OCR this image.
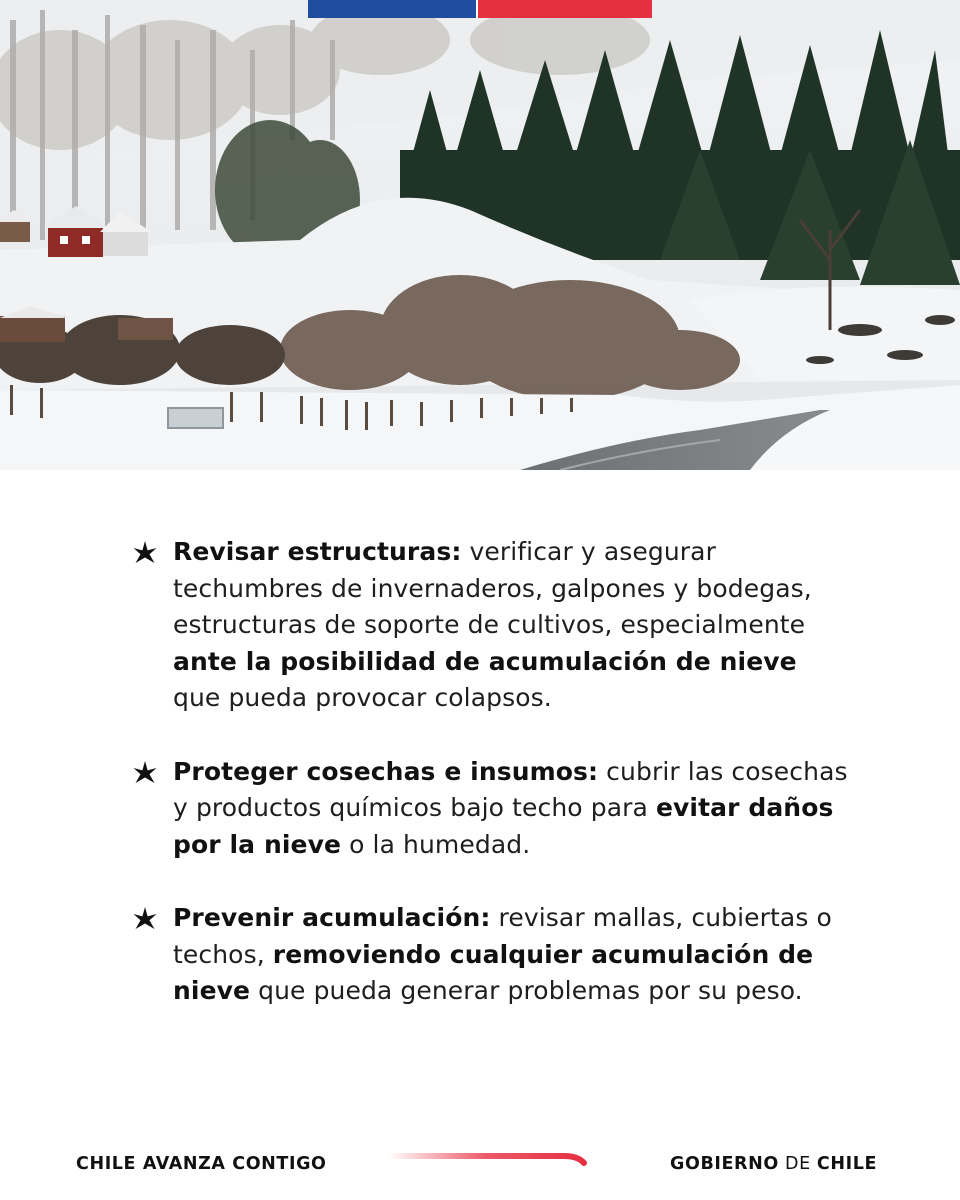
Revisar estructuras: verificar y asegurar techumbres de invernaderos, galpones y bodegas, estructuras de soporte de cultivos, especialmente ante la posibilidad de acumulación de nieve que pueda provocar colapsos.

Proteger cosechas e insumos: cubrir las cosechas y productos químicos bajo techo para evitar daños por la nieve o la humedad.

Prevenir acumulación: revisar mallas, cubiertas o techos, removiendo cualquier acumulación de nieve que pueda generar problemas por su peso.

CHILE AVANZA CONTIGO	GOBIERNO DE CHILE
